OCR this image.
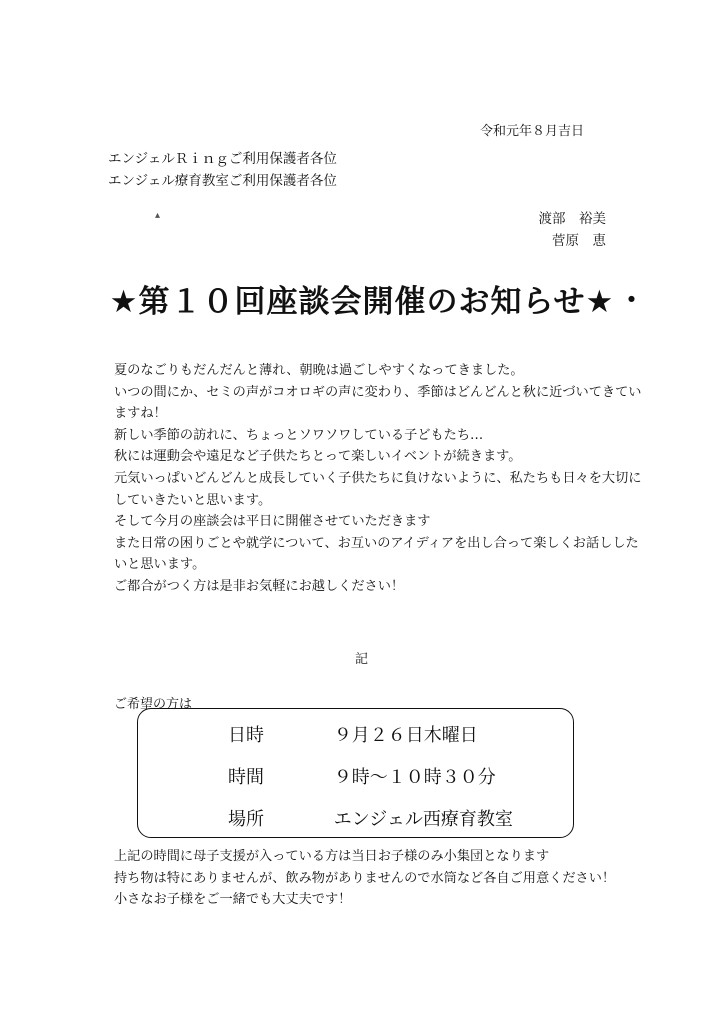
令和元年８月吉日
エンジェルＲｉｎｇご利用保護者各位
エンジェル療育教室ご利用保護者各位
▴	渡部　裕美
菅原　恵
★第１０回座談会開催のお知らせ★	●
夏のなごりもだんだんと薄れ、朝晩は過ごしやすくなってきました。
いつの間にか、セミの声がコオロギの声に変わり、季節はどんどんと秋に近づいてきてい
ますね！
新しい季節の訪れに、ちょっとソワソワしている子どもたち…
秋には運動会や遠足など子供たちとって楽しいイベントが続きます。
元気いっぱいどんどんと成長していく子供たちに負けないように、私たちも日々を大切に
していきたいと思います。
そして今月の座談会は平日に開催させていただきます
また日常の困りごとや就学について、お互いのアイディアを出し合って楽しくお話しした
いと思います。
ご都合がつく方は是非お気軽にお越しください！
記
ご希望の方は
日時	９月２６日木曜日
時間	９時～１０時３０分
場所	エンジェル西療育教室
上記の時間に母子支援が入っている方は当日お子様のみ小集団となります
持ち物は特にありませんが、飲み物がありませんので水筒など各自ご用意ください！
小さなお子様をご一緒でも大丈夫です！
